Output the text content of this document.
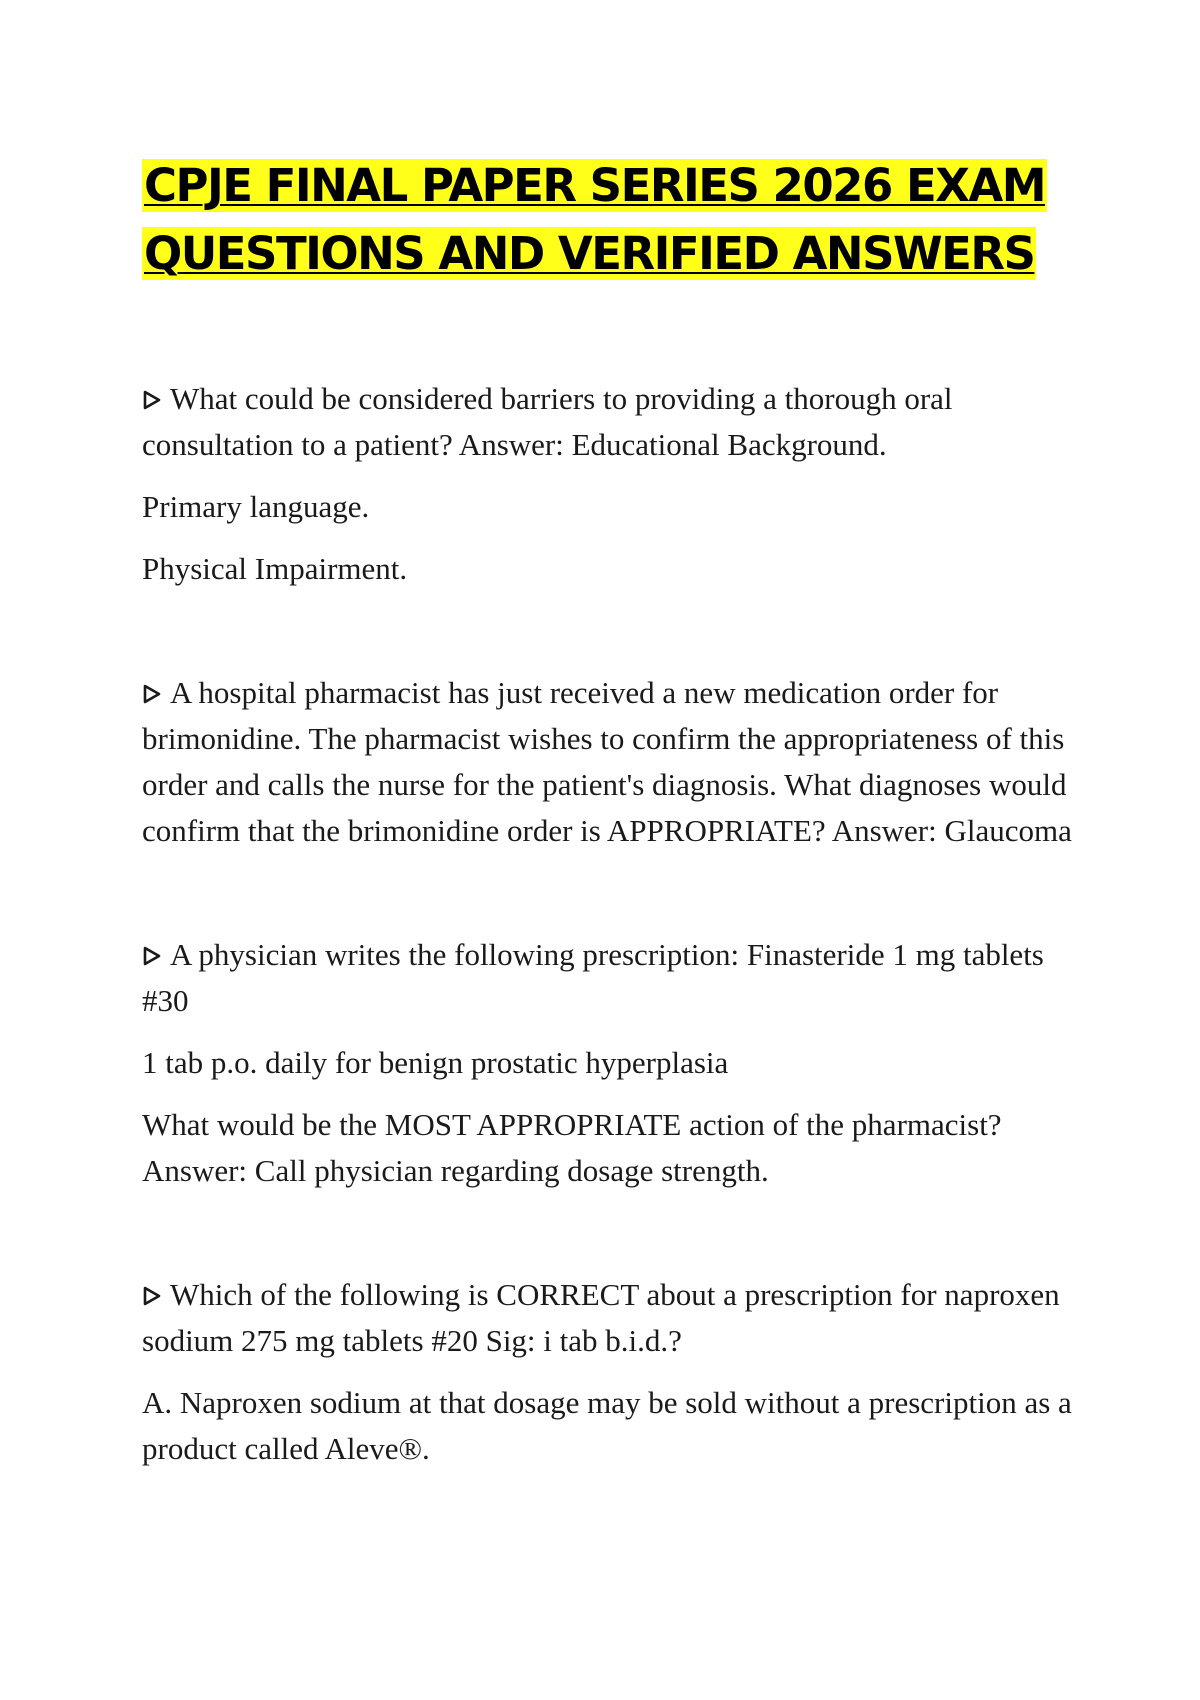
CPJE FINAL PAPER SERIES 2026 EXAM
QUESTIONS AND VERIFIED ANSWERS

What could be considered barriers to providing a thorough oral consultation to a patient? Answer: Educational Background.

Primary language.

Physical Impairment.

A hospital pharmacist has just received a new medication order for brimonidine. The pharmacist wishes to confirm the appropriateness of this order and calls the nurse for the patient's diagnosis. What diagnoses would confirm that the brimonidine order is APPROPRIATE? Answer: Glaucoma

A physician writes the following prescription: Finasteride 1 mg tablets #30

1 tab p.o. daily for benign prostatic hyperplasia

What would be the MOST APPROPRIATE action of the pharmacist? Answer: Call physician regarding dosage strength.

Which of the following is CORRECT about a prescription for naproxen sodium 275 mg tablets #20 Sig: i tab b.i.d.?

A. Naproxen sodium at that dosage may be sold without a prescription as a product called Aleve®.
